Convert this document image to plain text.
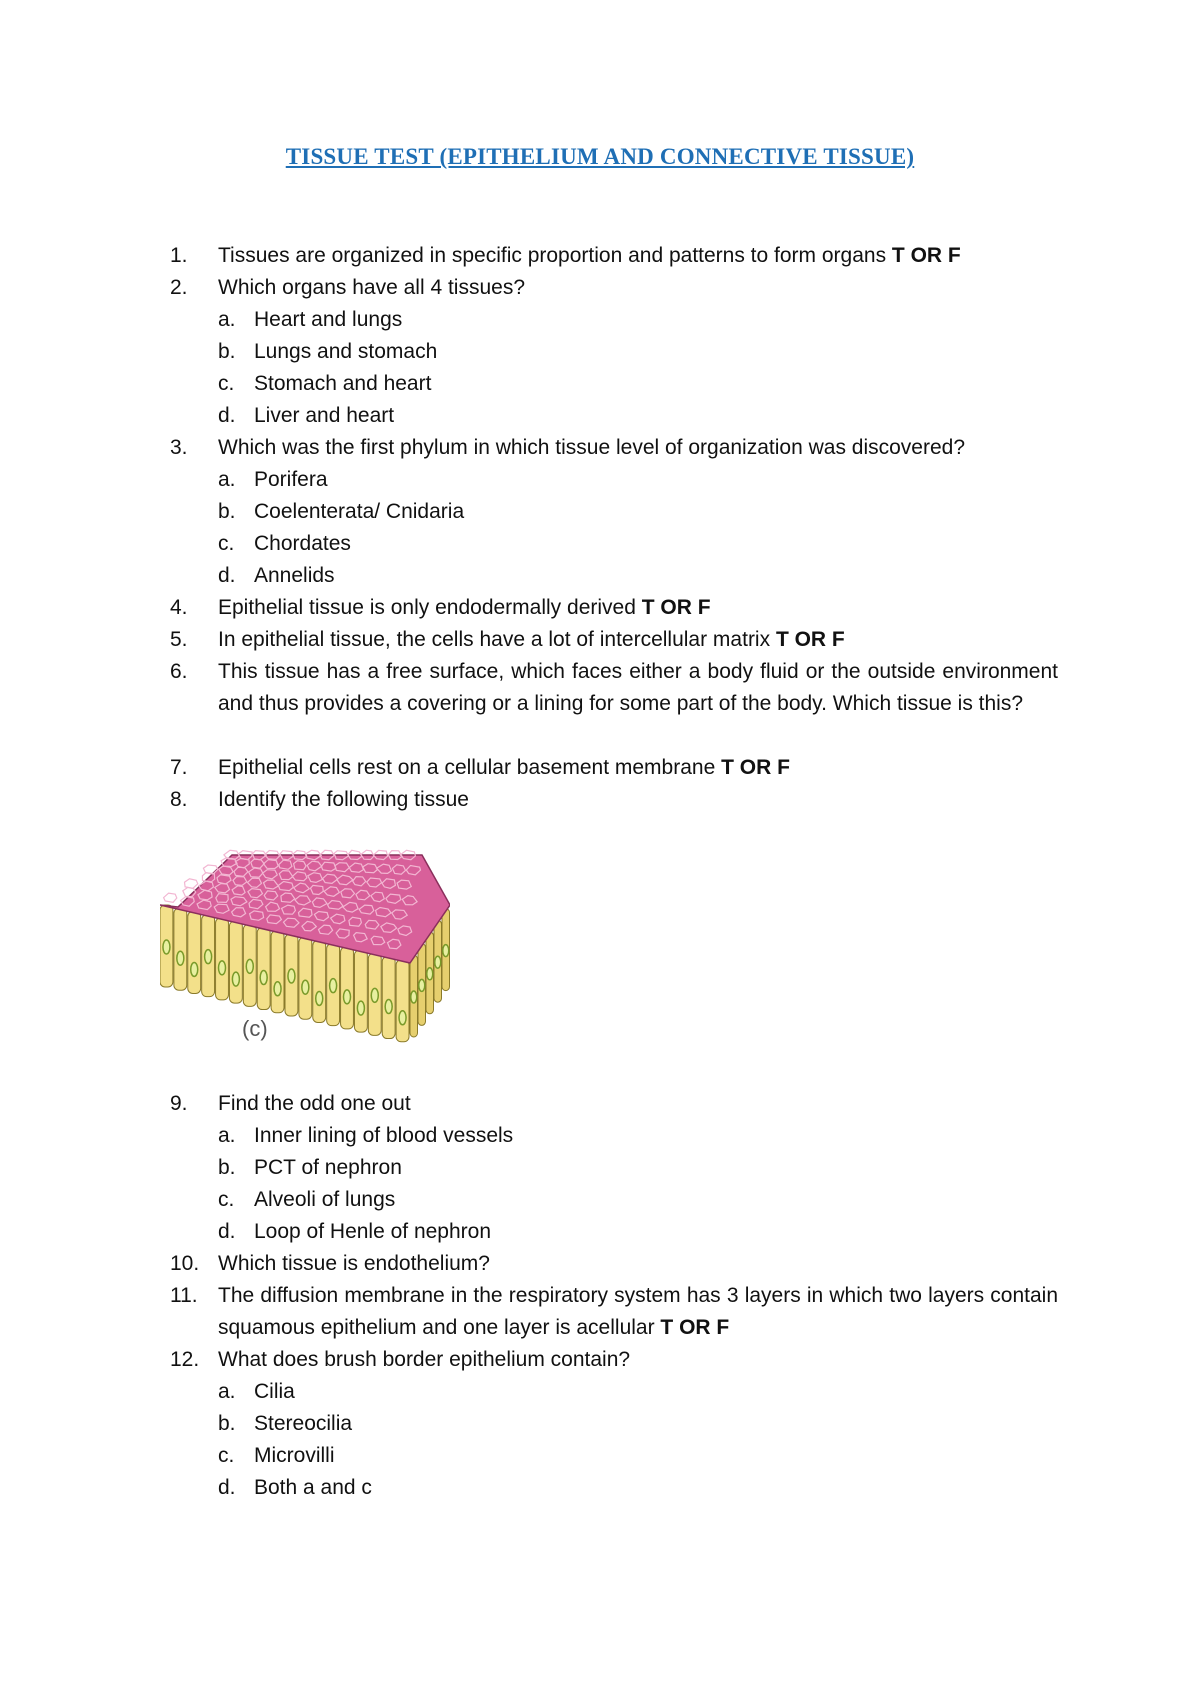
TISSUE TEST (EPITHELIUM AND CONNECTIVE TISSUE)
1.	Tissues are organized in specific proportion and patterns to form organs T OR F
2.	Which organs have all 4 tissues?
a. Heart and lungs
b. Lungs and stomach
c. Stomach and heart
d. Liver and heart
3.	Which was the first phylum in which tissue level of organization was discovered?
a. Porifera
b. Coelenterata/ Cnidaria
c. Chordates
d. Annelids
4.	Epithelial tissue is only endodermally derived T OR F
5.	In epithelial tissue, the cells have a lot of intercellular matrix T OR F
6.	This tissue has a free surface, which faces either a body fluid or the outside environment and thus provides a covering or a lining for some part of the body. Which tissue is this?
7.	Epithelial cells rest on a cellular basement membrane T OR F
8.	Identify the following tissue
(c)
9.	Find the odd one out
a. Inner lining of blood vessels
b. PCT of nephron
c. Alveoli of lungs
d. Loop of Henle of nephron
10. Which tissue is endothelium?
11. The diffusion membrane in the respiratory system has 3 layers in which two layers contain squamous epithelium and one layer is acellular T OR F
12. What does brush border epithelium contain?
a. Cilia
b. Stereocilia
c. Microvilli
d. Both a and c
